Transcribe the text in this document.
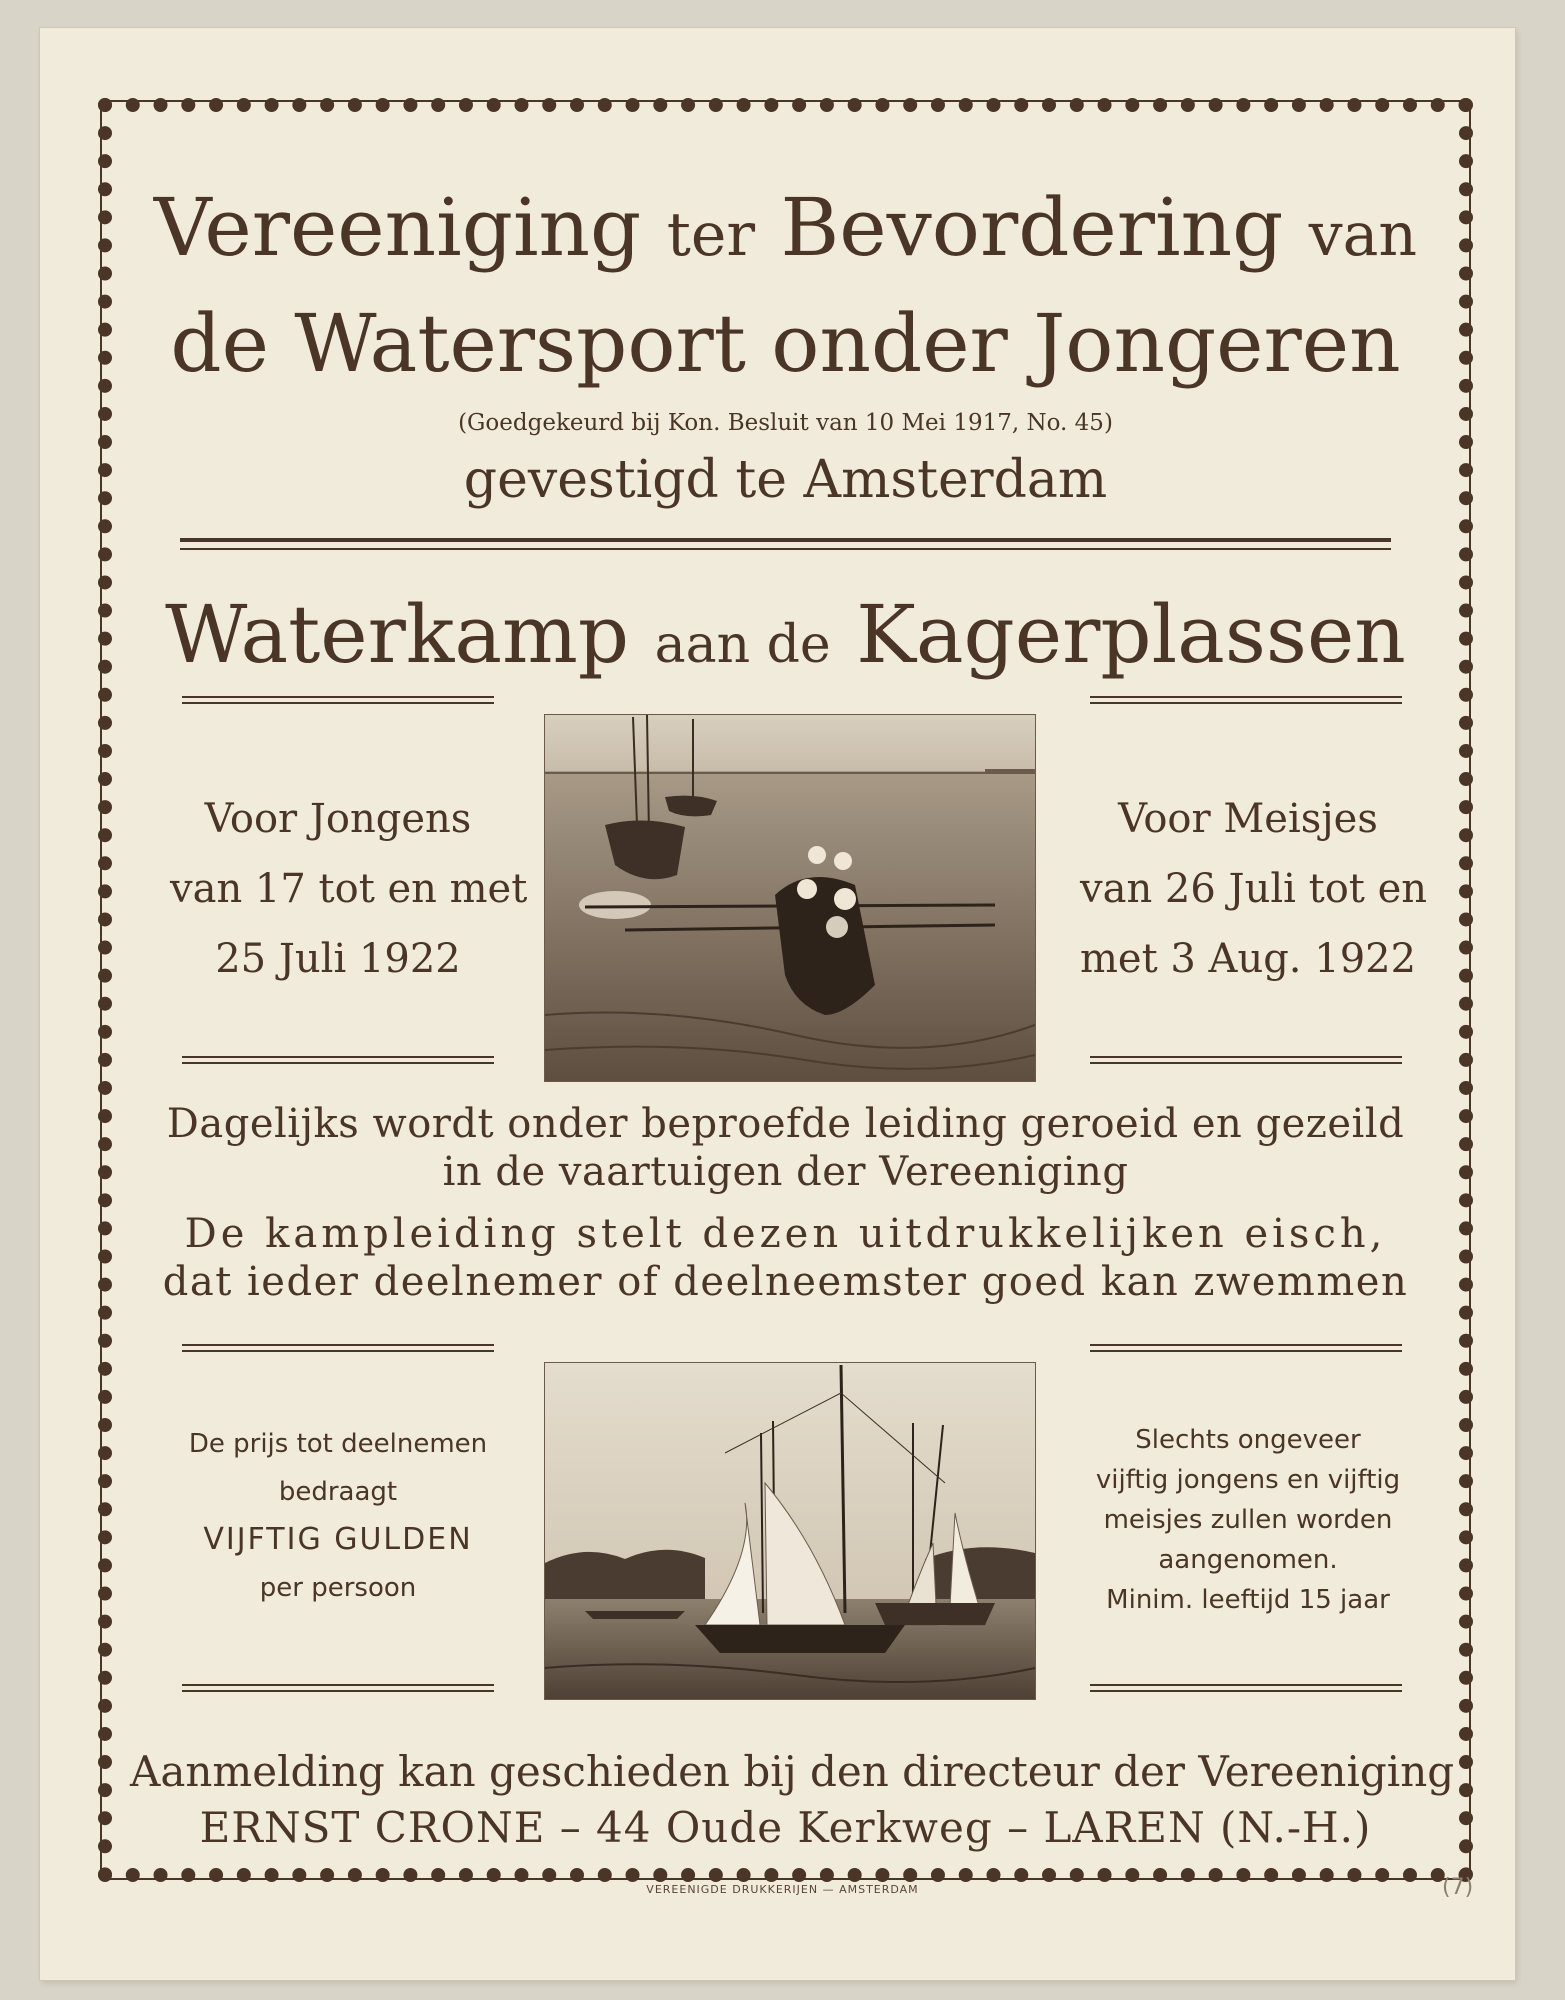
Vereeniging ter Bevordering van
de Watersport onder Jongeren
(Goedgekeurd bij Kon. Besluit van 10 Mei 1917, No. 45)
gevestigd te Amsterdam
Waterkamp aan de Kagerplassen
Voor Jongens
van 17 tot en met
25 Juli 1922
Voor Meisjes
van 26 Juli tot en
met 3 Aug. 1922
Dagelijks wordt onder beproefde leiding geroeid en gezeild
in de vaartuigen der Vereeniging
De kampleiding stelt dezen uitdrukkelijken eisch,
dat ieder deelnemer of deelneemster goed kan zwemmen
De prijs tot deelnemen
bedraagt
VIJFTIG GULDEN
per persoon
Slechts ongeveer
vijftig jongens en vijftig
meisjes zullen worden
aangenomen.
Minim. leeftijd 15 jaar
Aanmelding kan geschieden bij den directeur der Vereeniging
ERNST CRONE – 44 Oude Kerkweg – LAREN (N.-H.)
VEREENIGDE DRUKKERIJEN — AMSTERDAM	(7)
